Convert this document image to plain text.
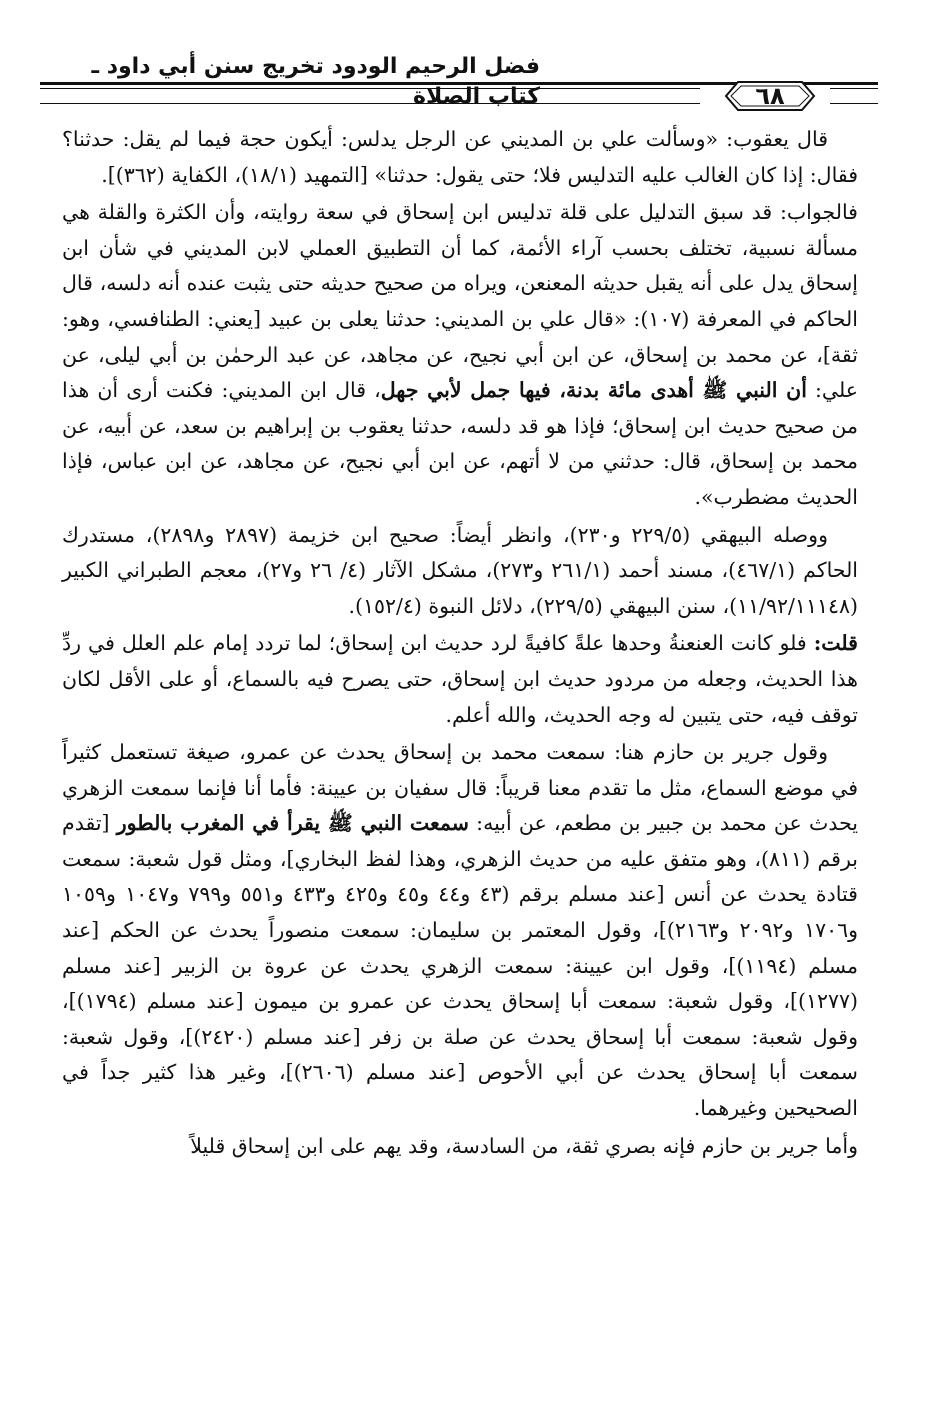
فضل الرحيم الودود تخريج سنن أبي داود ـ كتاب الصلاة	٦٨

قال يعقوب: «وسألت علي بن المديني عن الرجل يدلس: أيكون حجة فيما لم يقل: حدثنا؟ فقال: إذا كان الغالب عليه التدليس فلا؛ حتى يقول: حدثنا» [التمهيد (١٨/١)، الكفاية (٣٦٢)].

فالجواب: قد سبق التدليل على قلة تدليس ابن إسحاق في سعة روايته، وأن الكثرة والقلة هي مسألة نسبية، تختلف بحسب آراء الأئمة، كما أن التطبيق العملي لابن المديني في شأن ابن إسحاق يدل على أنه يقبل حديثه المعنعن، ويراه من صحيح حديثه حتى يثبت عنده أنه دلسه، قال الحاكم في المعرفة (١٠٧): «قال علي بن المديني: حدثنا يعلى بن عبيد [يعني: الطنافسي، وهو: ثقة]، عن محمد بن إسحاق، عن ابن أبي نجيح، عن مجاهد، عن عبد الرحمٰن بن أبي ليلى، عن علي: أن النبي ﷺ أهدى مائة بدنة، فيها جمل لأبي جهل، قال ابن المديني: فكنت أرى أن هذا من صحيح حديث ابن إسحاق؛ فإذا هو قد دلسه، حدثنا يعقوب بن إبراهيم بن سعد، عن أبيه، عن محمد بن إسحاق، قال: حدثني من لا أتهم، عن ابن أبي نجيح، عن مجاهد، عن ابن عباس، فإذا الحديث مضطرب».

ووصله البيهقي (٢٢٩/٥ و٢٣٠)، وانظر أيضاً: صحيح ابن خزيمة (٢٨٩٧ و٢٨٩٨)، مستدرك الحاكم (٤٦٧/١)، مسند أحمد (٢٦١/١ و٢٧٣)، مشكل الآثار (٤/ ٢٦ و٢٧)، معجم الطبراني الكبير (١١/٩٢/١١١٤٨)، سنن البيهقي (٢٢٩/٥)، دلائل النبوة (١٥٢/٤).

قلت: فلو كانت العنعنةُ وحدها علةً كافيةً لرد حديث ابن إسحاق؛ لما تردد إمام علم العلل في ردِّ هذا الحديث، وجعله من مردود حديث ابن إسحاق، حتى يصرح فيه بالسماع، أو على الأقل لكان توقف فيه، حتى يتبين له وجه الحديث، والله أعلم.

وقول جرير بن حازم هنا: سمعت محمد بن إسحاق يحدث عن عمرو، صيغة تستعمل كثيراً في موضع السماع، مثل ما تقدم معنا قريباً: قال سفيان بن عيينة: فأما أنا فإنما سمعت الزهري يحدث عن محمد بن جبير بن مطعم، عن أبيه: سمعت النبي ﷺ يقرأ في المغرب بالطور [تقدم برقم (٨١١)، وهو متفق عليه من حديث الزهري، وهذا لفظ البخاري]، ومثل قول شعبة: سمعت قتادة يحدث عن أنس [عند مسلم برقم (٤٣ و٤٤ و٤٥ و٤٢٥ و٤٣٣ و٥٥١ و٧٩٩ و١٠٤٧ و١٠٥٩ و١٧٠٦ و٢٠٩٢ و٢١٦٣)]، وقول المعتمر بن سليمان: سمعت منصوراً يحدث عن الحكم [عند مسلم (١١٩٤)]، وقول ابن عيينة: سمعت الزهري يحدث عن عروة بن الزبير [عند مسلم (١٢٧٧)]، وقول شعبة: سمعت أبا إسحاق يحدث عن عمرو بن ميمون [عند مسلم (١٧٩٤)]، وقول شعبة: سمعت أبا إسحاق يحدث عن صلة بن زفر [عند مسلم (٢٤٢٠)]، وقول شعبة: سمعت أبا إسحاق يحدث عن أبي الأحوص [عند مسلم (٢٦٠٦)]، وغير هذا كثير جداً في الصحيحين وغيرهما.

وأما جرير بن حازم فإنه بصري ثقة، من السادسة، وقد يهم على ابن إسحاق قليلاً
